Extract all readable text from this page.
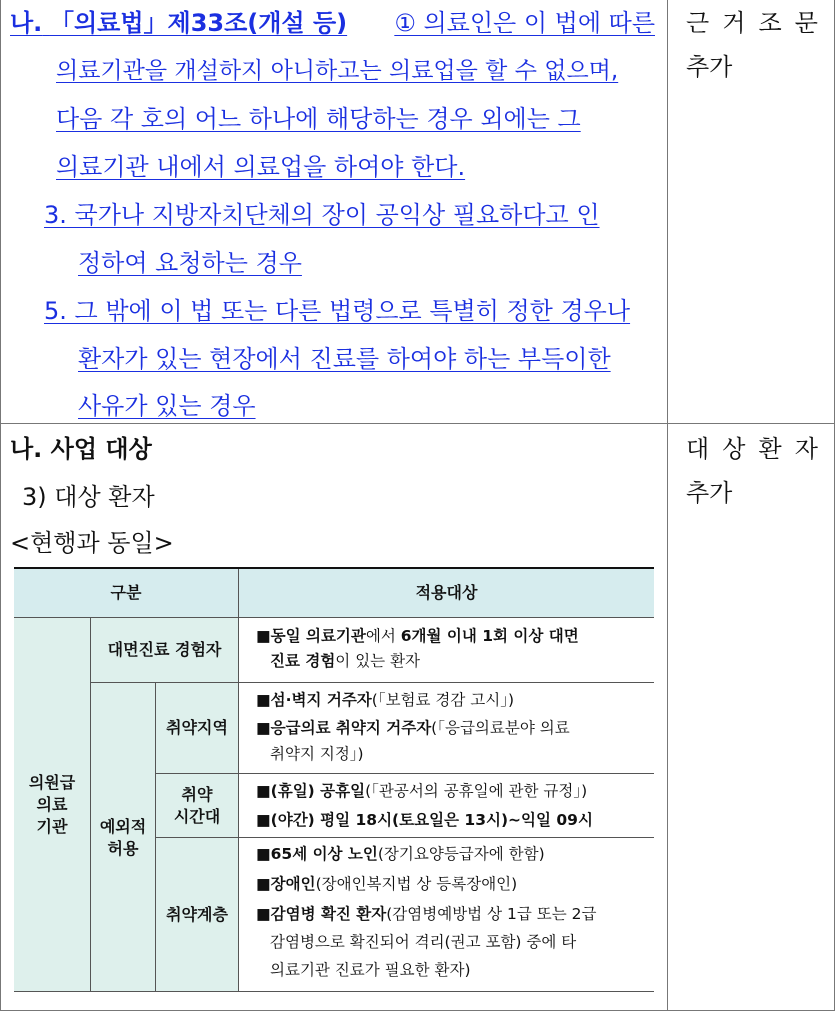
나. 「의료법」제33조(개설 등) ① 의료인은 이 법에 따른
의료기관을 개설하지 아니하고는 의료업을 할 수 없으며,
다음 각 호의 어느 하나에 해당하는 경우 외에는 그
의료기관 내에서 의료업을 하여야 한다.
3. 국가나 지방자치단체의 장이 공익상 필요하다고 인
정하여 요청하는 경우
5. 그 밖에 이 법 또는 다른 법령으로 특별히 정한 경우나
환자가 있는 현장에서 진료를 하여야 하는 부득이한
사유가 있는 경우
근 거 조 문
추가
나. 사업 대상
3) 대상 환자
<현행과 동일>
대 상 환 자
추가
구분	적용대상
의원급
의료
기관
대면진료 경험자
예외적
허용
취약지역
취약
시간대
취약계층
■동일 의료기관에서 6개월 이내 1회 이상 대면
진료 경험이 있는 환자
■섬·벽지 거주자(「보험료 경감 고시」)
■응급의료 취약지 거주자(「응급의료분야 의료
취약지 지정」)
■(휴일) 공휴일(「관공서의 공휴일에 관한 규정」)
■(야간) 평일 18시(토요일은 13시)~익일 09시
■65세 이상 노인(장기요양등급자에 한함)
■장애인(장애인복지법 상 등록장애인)
■감염병 확진 환자(감염병예방법 상 1급 또는 2급
감염병으로 확진되어 격리(권고 포함) 중에 타
의료기관 진료가 필요한 환자)
